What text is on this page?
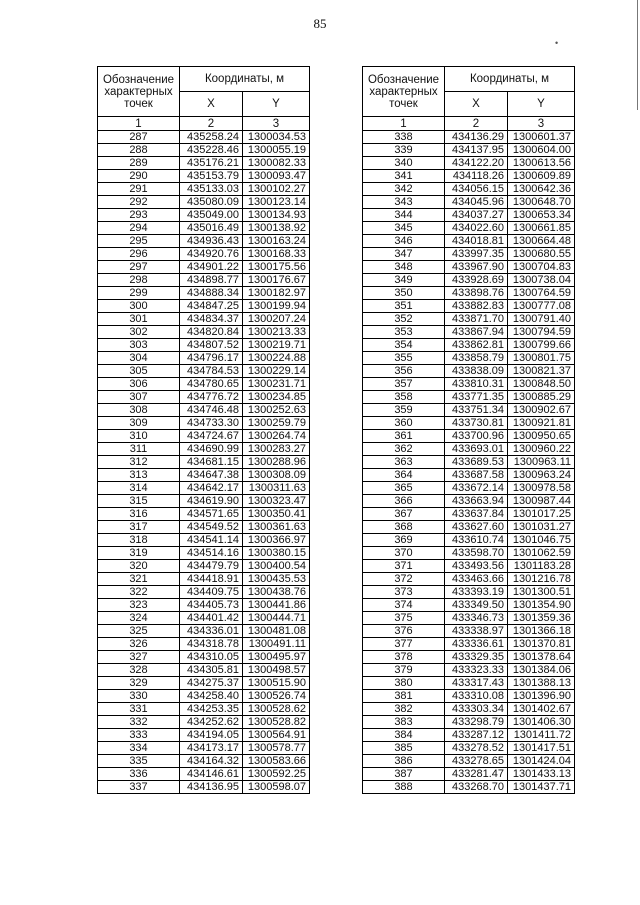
85
•
Обозначение характерных точек	Координаты, м	
	X	Y
1	2	3
287	435258.24	1300034.53
288	435228.46	1300055.19
289	435176.21	1300082.33
290	435153.79	1300093.47
291	435133.03	1300102.27
292	435080.09	1300123.14
293	435049.00	1300134.93
294	435016.49	1300138.92
295	434936.43	1300163.24
296	434920.76	1300168.33
297	434901.22	1300175.56
298	434898.77	1300176.67
299	434888.34	1300182.97
300	434847.25	1300199.94
301	434834.37	1300207.24
302	434820.84	1300213.33
303	434807.52	1300219.71
304	434796.17	1300224.88
305	434784.53	1300229.14
306	434780.65	1300231.71
307	434776.72	1300234.85
308	434746.48	1300252.63
309	434733.30	1300259.79
310	434724.67	1300264.74
311	434690.99	1300283.27
312	434681.15	1300288.96
313	434647.38	1300308.09
314	434642.17	1300311.63
315	434619.90	1300323.47
316	434571.65	1300350.41
317	434549.52	1300361.63
318	434541.14	1300366.97
319	434514.16	1300380.15
320	434479.79	1300400.54
321	434418.91	1300435.53
322	434409.75	1300438.76
323	434405.73	1300441.86
324	434401.42	1300444.71
325	434336.01	1300481.08
326	434318.78	1300491.11
327	434310.05	1300495.97
328	434305.81	1300498.57
329	434275.37	1300515.90
330	434258.40	1300526.74
331	434253.35	1300528.62
332	434252.62	1300528.82
333	434194.05	1300564.91
334	434173.17	1300578.77
335	434164.32	1300583.66
336	434146.61	1300592.25
337	434136.95	1300598.07
Обозначение характерных точек	Координаты, м	
	X	Y
1	2	3
338	434136.29	1300601.37
339	434137.95	1300604.00
340	434122.20	1300613.56
341	434118.26	1300609.89
342	434056.15	1300642.36
343	434045.96	1300648.70
344	434037.27	1300653.34
345	434022.60	1300661.85
346	434018.81	1300664.48
347	433997.35	1300680.55
348	433967.90	1300704.83
349	433928.69	1300738.04
350	433898.76	1300764.59
351	433882.83	1300777.08
352	433871.70	1300791.40
353	433867.94	1300794.59
354	433862.81	1300799.66
355	433858.79	1300801.75
356	433838.09	1300821.37
357	433810.31	1300848.50
358	433771.35	1300885.29
359	433751.34	1300902.67
360	433730.81	1300921.81
361	433700.96	1300950.65
362	433693.01	1300960.22
363	433689.53	1300963.11
364	433687.58	1300963.24
365	433672.14	1300978.58
366	433663.94	1300987.44
367	433637.84	1301017.25
368	433627.60	1301031.27
369	433610.74	1301046.75
370	433598.70	1301062.59
371	433493.56	1301183.28
372	433463.66	1301216.78
373	433393.19	1301300.51
374	433349.50	1301354.90
375	433346.73	1301359.36
376	433338.97	1301366.18
377	433336.61	1301370.81
378	433329.35	1301378.64
379	433323.33	1301384.06
380	433317.43	1301388.13
381	433310.08	1301396.90
382	433303.34	1301402.67
383	433298.79	1301406.30
384	433287.12	1301411.72
385	433278.52	1301417.51
386	433278.65	1301424.04
387	433281.47	1301433.13
388	433268.70	1301437.71
